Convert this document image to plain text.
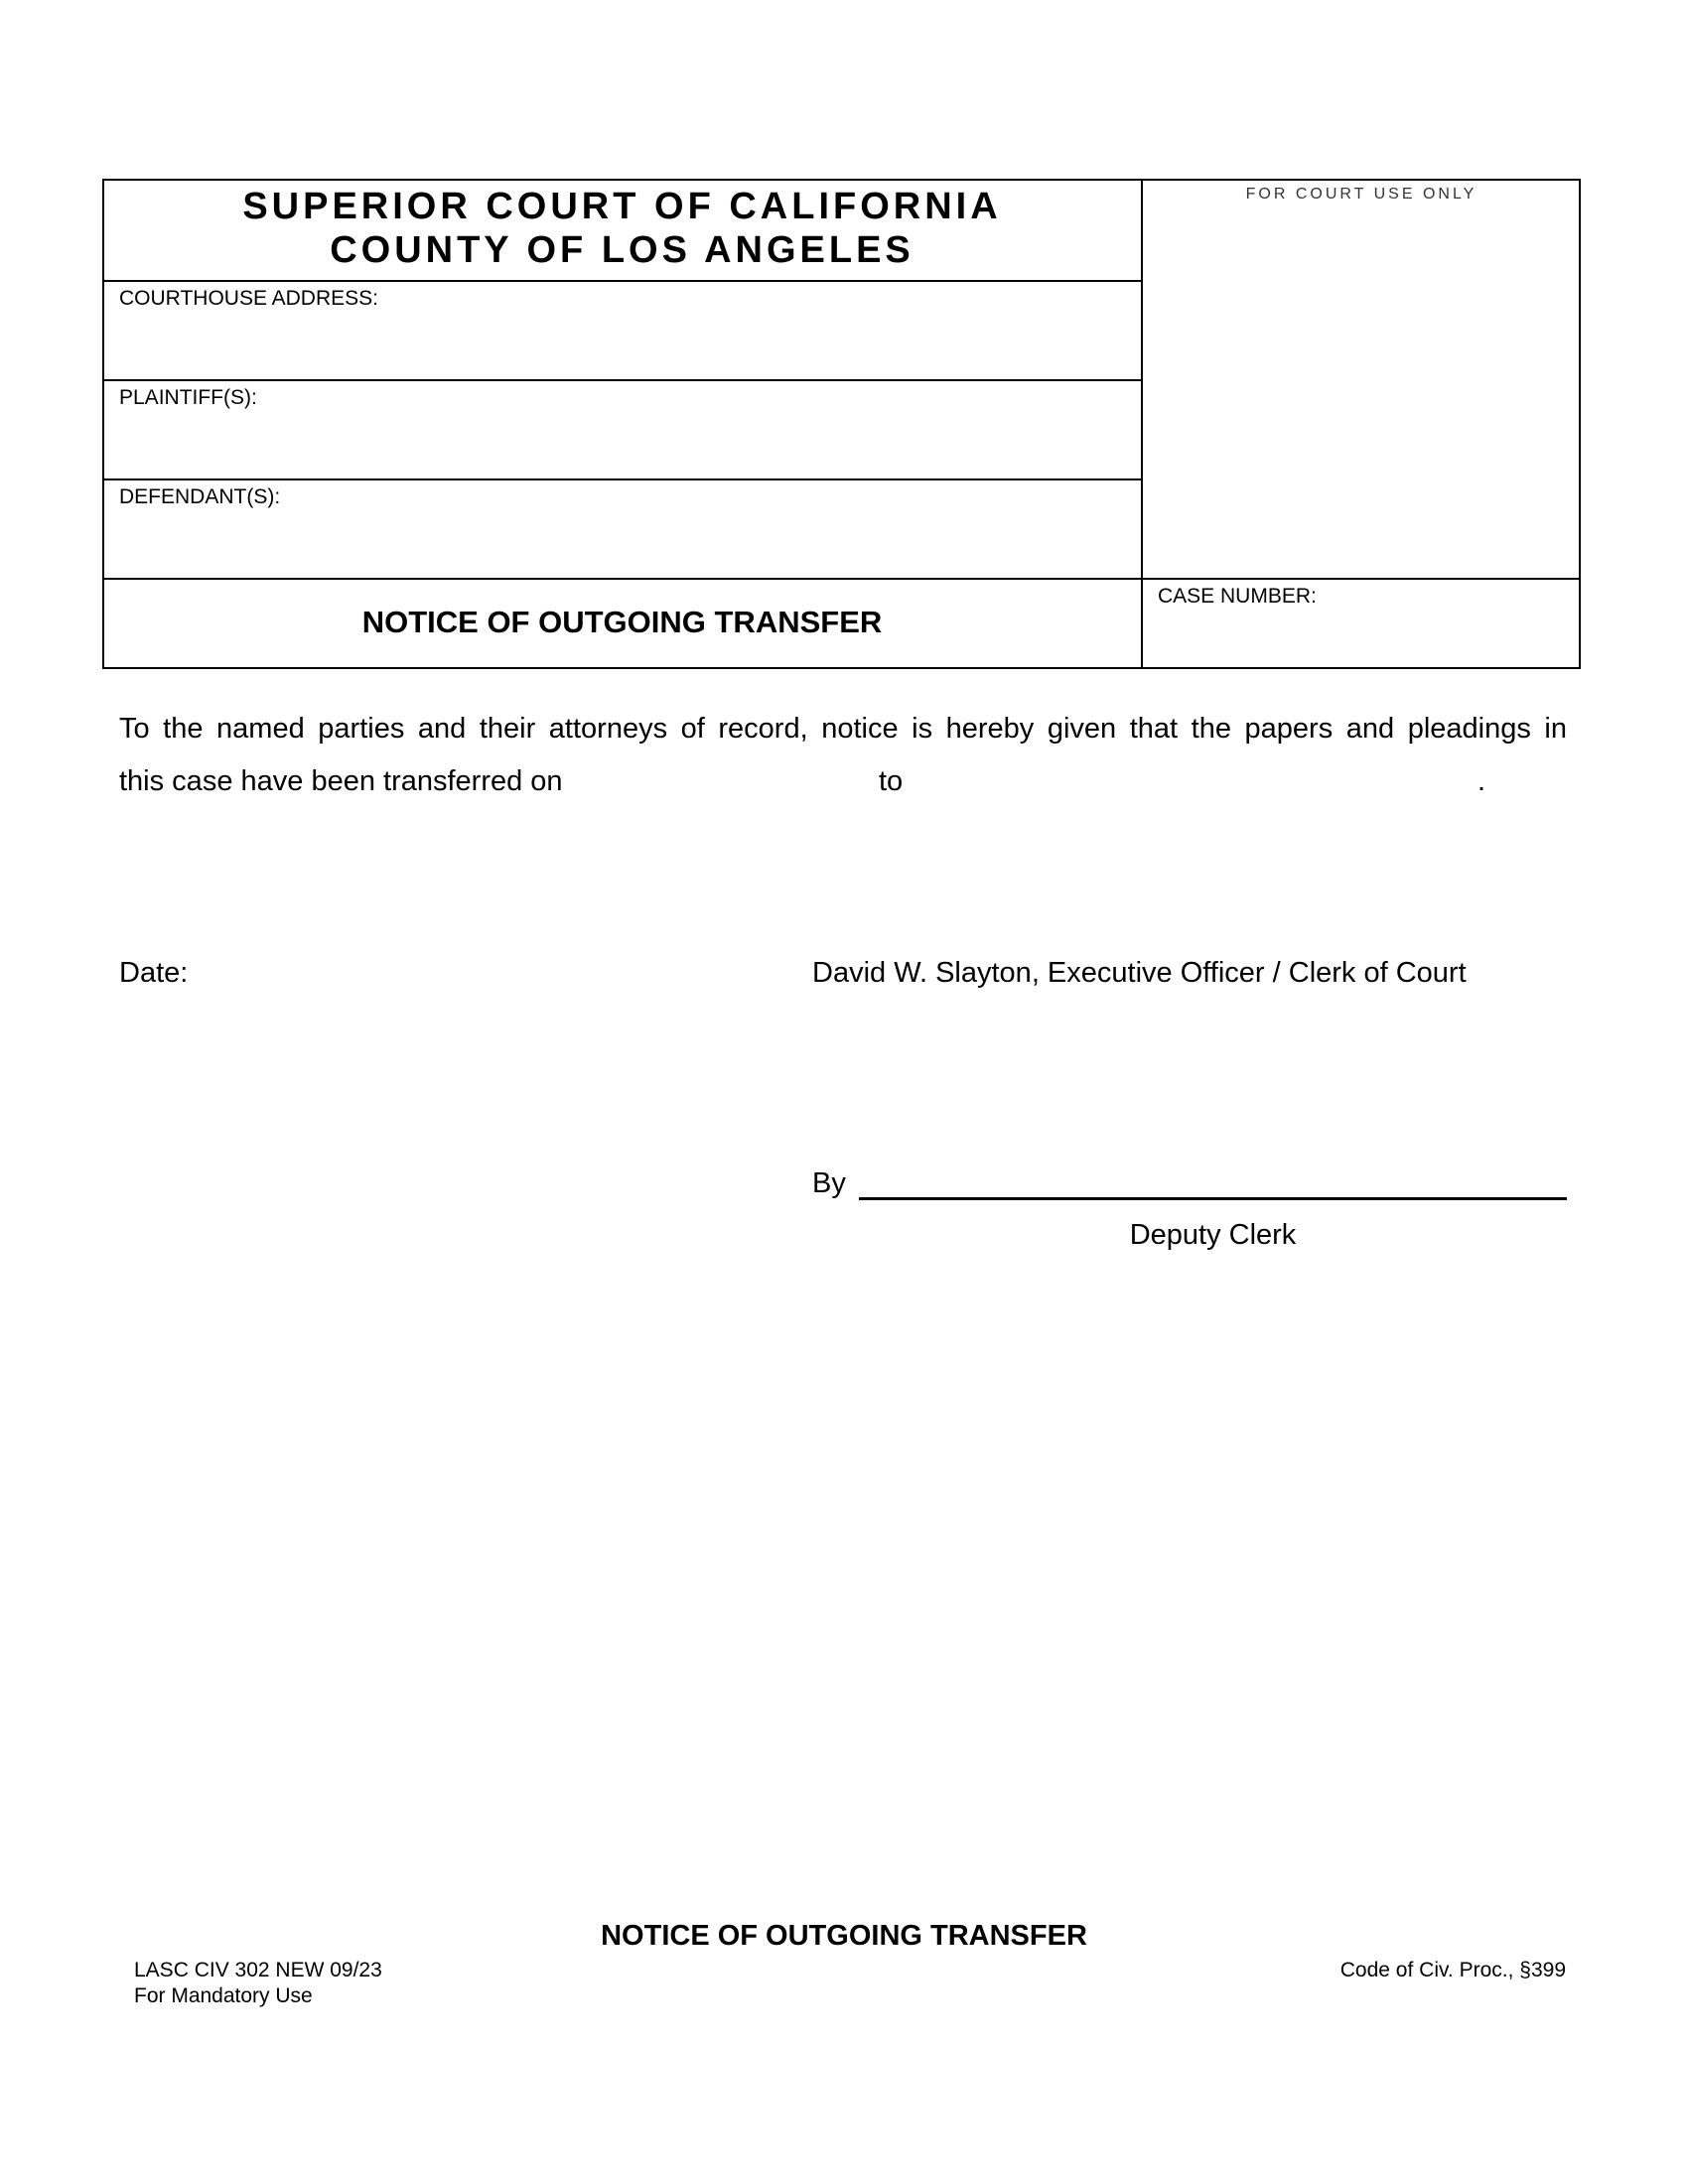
SUPERIOR COURT OF CALIFORNIA
COUNTY OF LOS ANGELES
FOR COURT USE ONLY
COURTHOUSE ADDRESS:
PLAINTIFF(S):
DEFENDANT(S):
CASE NUMBER:
NOTICE OF OUTGOING TRANSFER
To the named parties and their attorneys of record, notice is hereby given that the papers and pleadings in
this case have been transferred on	to	.
Date:	David W. Slayton, Executive Officer / Clerk of Court
By
Deputy Clerk
NOTICE OF OUTGOING TRANSFER
LASC CIV 302 NEW 09/23
For Mandatory Use
Code of Civ. Proc., §399
